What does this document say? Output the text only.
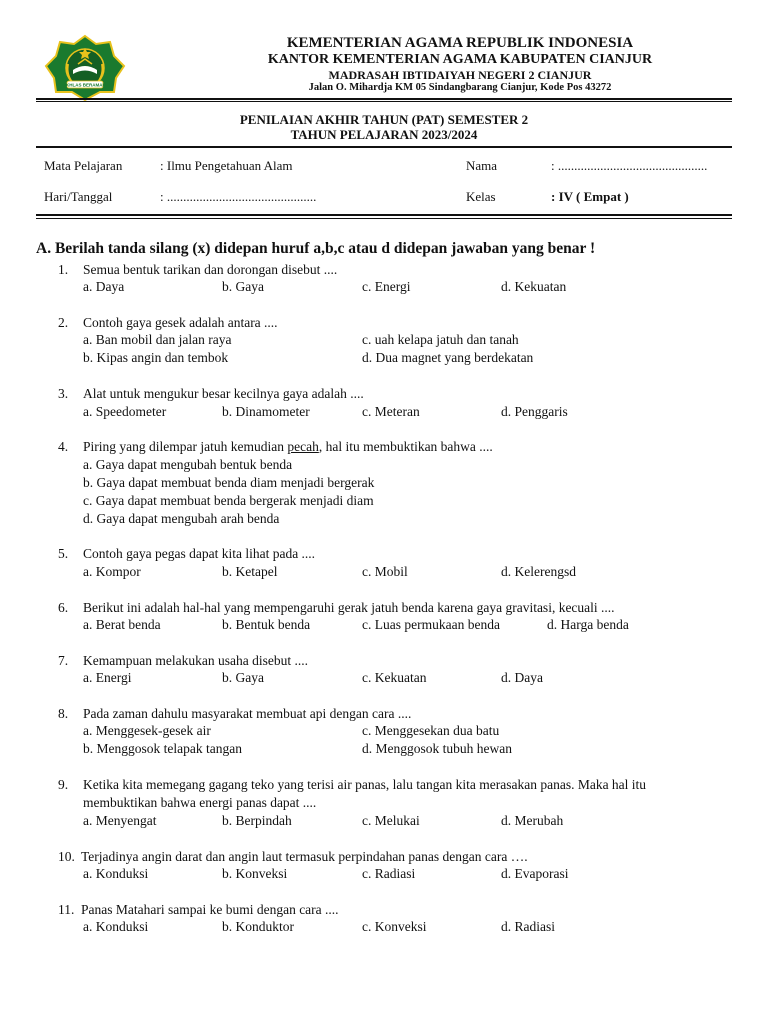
IKHLAS BERAMAL
KEMENTERIAN AGAMA REPUBLIK INDONESIA
KANTOR KEMENTERIAN AGAMA KABUPATEN CIANJUR
MADRASAH IBTIDAIYAH NEGERI 2 CIANJUR
Jalan O. Mihardja KM 05 Sindangbarang Cianjur, Kode Pos 43272
PENILAIAN AKHIR TAHUN (PAT) SEMESTER 2
TAHUN PELAJARAN 2023/2024
Mata Pelajaran	: Ilmu Pengetahuan Alam	Nama	: ..............................................
Hari/Tanggal	: ..............................................	Kelas	: IV ( Empat )
A. Berilah tanda silang (x) didepan huruf a,b,c atau d didepan jawaban yang benar !
1. Semua bentuk tarikan dan dorongan disebut ....
a. Daya	b. Gaya	c. Energi	d. Kekuatan
2. Contoh gaya gesek adalah antara ....
a. Ban mobil dan jalan raya	c. uah kelapa jatuh dan tanah
b. Kipas angin dan tembok	d. Dua magnet yang berdekatan
3. Alat untuk mengukur besar kecilnya gaya adalah ....
a. Speedometer	b. Dinamometer	c. Meteran	d. Penggaris
4. Piring yang dilempar jatuh kemudian pecah, hal itu membuktikan bahwa ....
a. Gaya dapat mengubah bentuk benda
b. Gaya dapat membuat benda diam menjadi bergerak
c. Gaya dapat membuat benda bergerak menjadi diam
d. Gaya dapat mengubah arah benda
5. Contoh gaya pegas dapat kita lihat pada ....
a. Kompor	b. Ketapel	c. Mobil	d. Kelerengsd
6. Berikut ini adalah hal-hal yang mempengaruhi gerak jatuh benda karena gaya gravitasi, kecuali ....
a. Berat benda	b. Bentuk benda	c. Luas permukaan benda	d. Harga benda
7. Kemampuan melakukan usaha disebut ....
a. Energi	b. Gaya	c. Kekuatan	d. Daya
8. Pada zaman dahulu masyarakat membuat api dengan cara ....
a. Menggesek-gesek air	c. Menggesekan dua batu
b. Menggosok telapak tangan	d. Menggosok tubuh hewan
9. Ketika kita memegang gagang teko yang terisi air panas, lalu tangan kita merasakan panas. Maka hal itu
membuktikan bahwa energi panas dapat ....
a. Menyengat	b. Berpindah	c. Melukai	d. Merubah
10. Terjadinya angin darat dan angin laut termasuk perpindahan panas dengan cara ….
a. Konduksi	b. Konveksi	c. Radiasi	d. Evaporasi
11. Panas Matahari sampai ke bumi dengan cara ....
a. Konduksi	b. Konduktor	c. Konveksi	d. Radiasi
